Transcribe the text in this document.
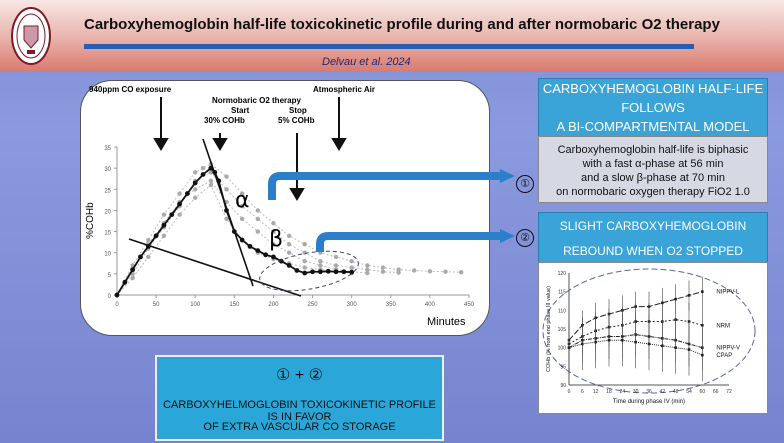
Carboxyhemoglobin half-life toxicokinetic profile during and after normobaric O2 therapy
Delvau et al. 2024
0
5
10
15
20
25
30
35
0	50	100	150	200	250	300	350	400	450
940ppm CO exposure
Normobaric O2 therapy
Start
30% COHb
Stop
5% COHb
Atmospheric Air
α
β
%COHb
Minutes
①
②
CARBOXYHEMOGLOBIN HALF-LIFE
FOLLOWS
A BI-COMPARTMENTAL MODEL
Carboxyhemoglobin half-life is biphasic
with a fast α-phase at 56 min
and a slow β-phase at 70 min
on normobaric oxygen therapy FiO2 1.0
SLIGHT CARBOXYHEMOGLOBIN
REBOUND WHEN O2 STOPPED
90
95
100
105
110
115
120
0 6 12 18 24 30 36 42 48 54 60 66 72
NIPPV-L
NRM
NIPPV-V
CPAP
Time during phase IV (min)
COHb (% from end phase III value)
① + ②
CARBOXYHELMOGLOBIN TOXICOKINETIC PROFILE IS IN FAVOR
OF EXTRA VASCULAR CO STORAGE
